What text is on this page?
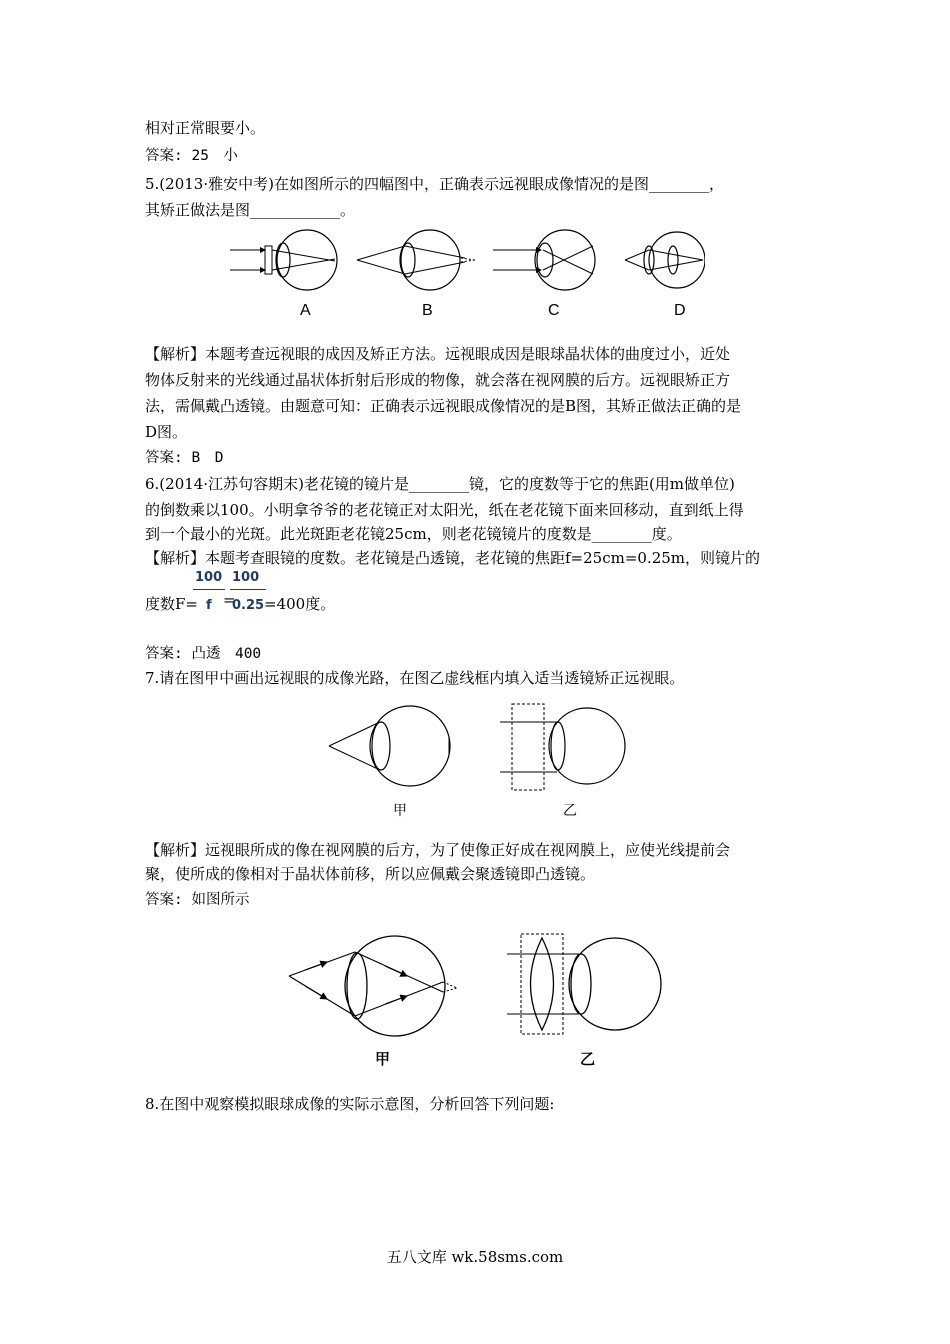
相对正常眼要小。
答案: 25　小
5.(2013·雅安中考)在如图所示的四幅图中，正确表示远视眼成像情况的是图________，
其矫正做法是图____________。
A	B	C	D
【解析】本题考查远视眼的成因及矫正方法。远视眼成因是眼球晶状体的曲度过小，近处
物体反射来的光线通过晶状体折射后形成的物像，就会落在视网膜的后方。远视眼矫正方
法，需佩戴凸透镜。由题意可知：正确表示远视眼成像情况的是B图，其矫正做法正确的是
D图。
答案: B　D
6.(2014·江苏句容期末)老花镜的镜片是________镜，它的度数等于它的焦距(用m做单位)
的倒数乘以100。小明拿爷爷的老花镜正对太阳光，纸在老花镜下面来回移动，直到纸上得
到一个最小的光斑。此光斑距老花镜25cm，则老花镜镜片的度数是________度。
【解析】本题考查眼镜的度数。老花镜是凸透镜，老花镜的焦距f=25cm=0.25m，则镜片的
度数F=
100
f =
100
0.25 =400度。
答案: 凸透　400
7.请在图甲中画出远视眼的成像光路，在图乙虚线框内填入适当透镜矫正远视眼。
甲	乙
【解析】远视眼所成的像在视网膜的后方，为了使像正好成在视网膜上，应使光线提前会
聚，使所成的像相对于晶状体前移，所以应佩戴会聚透镜即凸透镜。
答案: 如图所示
甲	乙
8.在图中观察模拟眼球成像的实际示意图，分析回答下列问题:
五八文库 wk.58sms.com
